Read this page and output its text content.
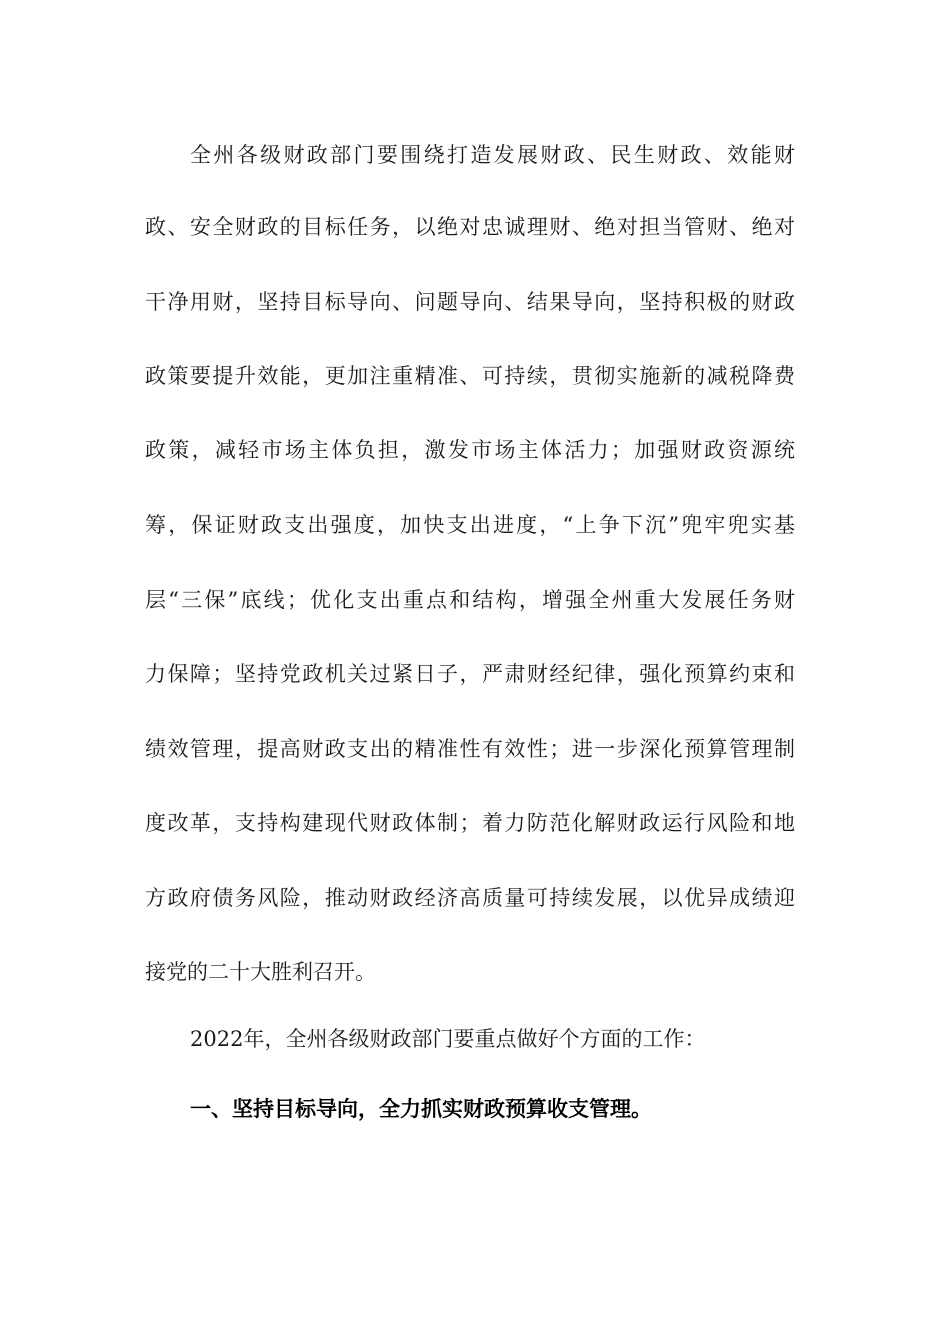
全州各级财政部门要围绕打造发展财政、民生财政、效能财
政、安全财政的目标任务，以绝对忠诚理财、绝对担当管财、绝对
干净用财，坚持目标导向、问题导向、结果导向，坚持积极的财政
政策要提升效能，更加注重精准、可持续，贯彻实施新的减税降费
政策，减轻市场主体负担，激发市场主体活力；加强财政资源统
筹，保证财政支出强度，加快支出进度，“上争下沉”兜牢兜实基
层“三保”底线；优化支出重点和结构，增强全州重大发展任务财
力保障；坚持党政机关过紧日子，严肃财经纪律，强化预算约束和
绩效管理，提高财政支出的精准性有效性；进一步深化预算管理制
度改革，支持构建现代财政体制；着力防范化解财政运行风险和地
方政府债务风险，推动财政经济高质量可持续发展，以优异成绩迎
接党的二十大胜利召开。
2022年，全州各级财政部门要重点做好个方面的工作：
一、坚持目标导向，全力抓实财政预算收支管理。
